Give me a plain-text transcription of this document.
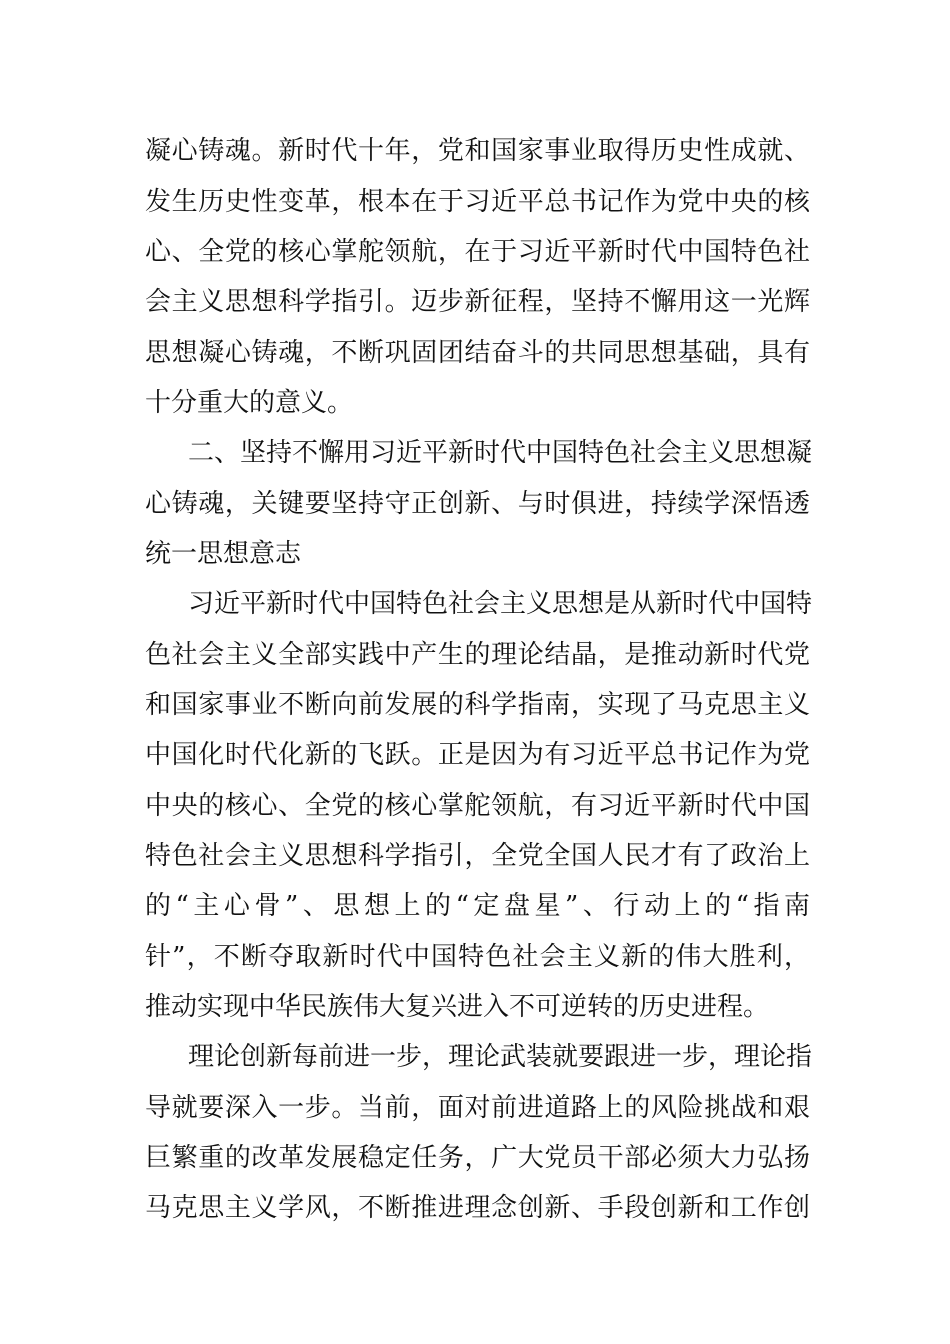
凝心铸魂。新时代十年，党和国家事业取得历史性成就、
发生历史性变革，根本在于习近平总书记作为党中央的核
心、全党的核心掌舵领航，在于习近平新时代中国特色社
会主义思想科学指引。迈步新征程，坚持不懈用这一光辉
思想凝心铸魂，不断巩固团结奋斗的共同思想基础，具有
十分重大的意义。
二、坚持不懈用习近平新时代中国特色社会主义思想凝
心铸魂，关键要坚持守正创新、与时俱进，持续学深悟透
统一思想意志
习近平新时代中国特色社会主义思想是从新时代中国特
色社会主义全部实践中产生的理论结晶，是推动新时代党
和国家事业不断向前发展的科学指南，实现了马克思主义
中国化时代化新的飞跃。正是因为有习近平总书记作为党
中央的核心、全党的核心掌舵领航，有习近平新时代中国
特色社会主义思想科学指引，全党全国人民才有了政治上
的“主心骨”、思想上的“定盘星”、行动上的“指南
针”，不断夺取新时代中国特色社会主义新的伟大胜利，
推动实现中华民族伟大复兴进入不可逆转的历史进程。
理论创新每前进一步，理论武装就要跟进一步，理论指
导就要深入一步。当前，面对前进道路上的风险挑战和艰
巨繁重的改革发展稳定任务，广大党员干部必须大力弘扬
马克思主义学风，不断推进理念创新、手段创新和工作创
